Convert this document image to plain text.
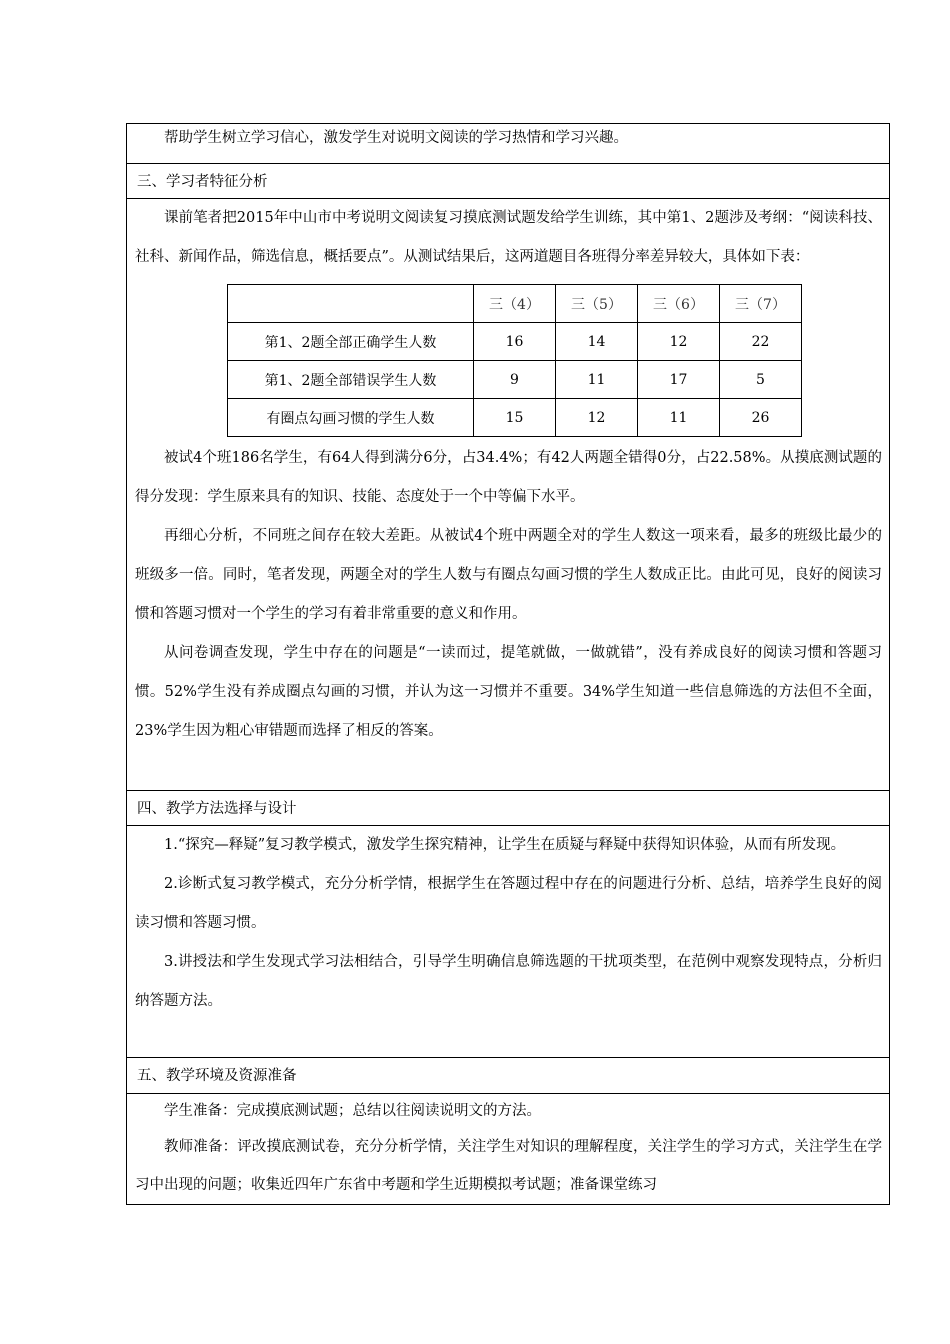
帮助学生树立学习信心，激发学生对说明文阅读的学习热情和学习兴趣。

三、学习者特征分析

课前笔者把2015年中山市中考说明文阅读复习摸底测试题发给学生训练，其中第1、2题涉及考纲：“阅读科技、社科、新闻作品，筛选信息，概括要点”。从测试结果后，这两道题目各班得分率差异较大，具体如下表：

	三（4）	三（5）	三（6）	三（7）
第1、2题全部正确学生人数	16	14	12	22
第1、2题全部错误学生人数	9	11	17	5
有圈点勾画习惯的学生人数	15	12	11	26

被试4个班186名学生，有64人得到满分6分，占34.4%；有42人两题全错得0分，占22.58%。从摸底测试题的得分发现：学生原来具有的知识、技能、态度处于一个中等偏下水平。

再细心分析，不同班之间存在较大差距。从被试4个班中两题全对的学生人数这一项来看，最多的班级比最少的班级多一倍。同时，笔者发现，两题全对的学生人数与有圈点勾画习惯的学生人数成正比。由此可见，良好的阅读习惯和答题习惯对一个学生的学习有着非常重要的意义和作用。

从问卷调查发现，学生中存在的问题是“一读而过，提笔就做，一做就错”，没有养成良好的阅读习惯和答题习惯。52%学生没有养成圈点勾画的习惯，并认为这一习惯并不重要。34%学生知道一些信息筛选的方法但不全面，23%学生因为粗心审错题而选择了相反的答案。

四、教学方法选择与设计

1.“探究—释疑”复习教学模式，激发学生探究精神，让学生在质疑与释疑中获得知识体验，从而有所发现。

2.诊断式复习教学模式，充分分析学情，根据学生在答题过程中存在的问题进行分析、总结，培养学生良好的阅读习惯和答题习惯。

3.讲授法和学生发现式学习法相结合，引导学生明确信息筛选题的干扰项类型，在范例中观察发现特点，分析归纳答题方法。

五、教学环境及资源准备

学生准备：完成摸底测试题；总结以往阅读说明文的方法。

教师准备：评改摸底测试卷，充分分析学情，关注学生对知识的理解程度，关注学生的学习方式，关注学生在学习中出现的问题；收集近四年广东省中考题和学生近期模拟考试题；准备课堂练习
